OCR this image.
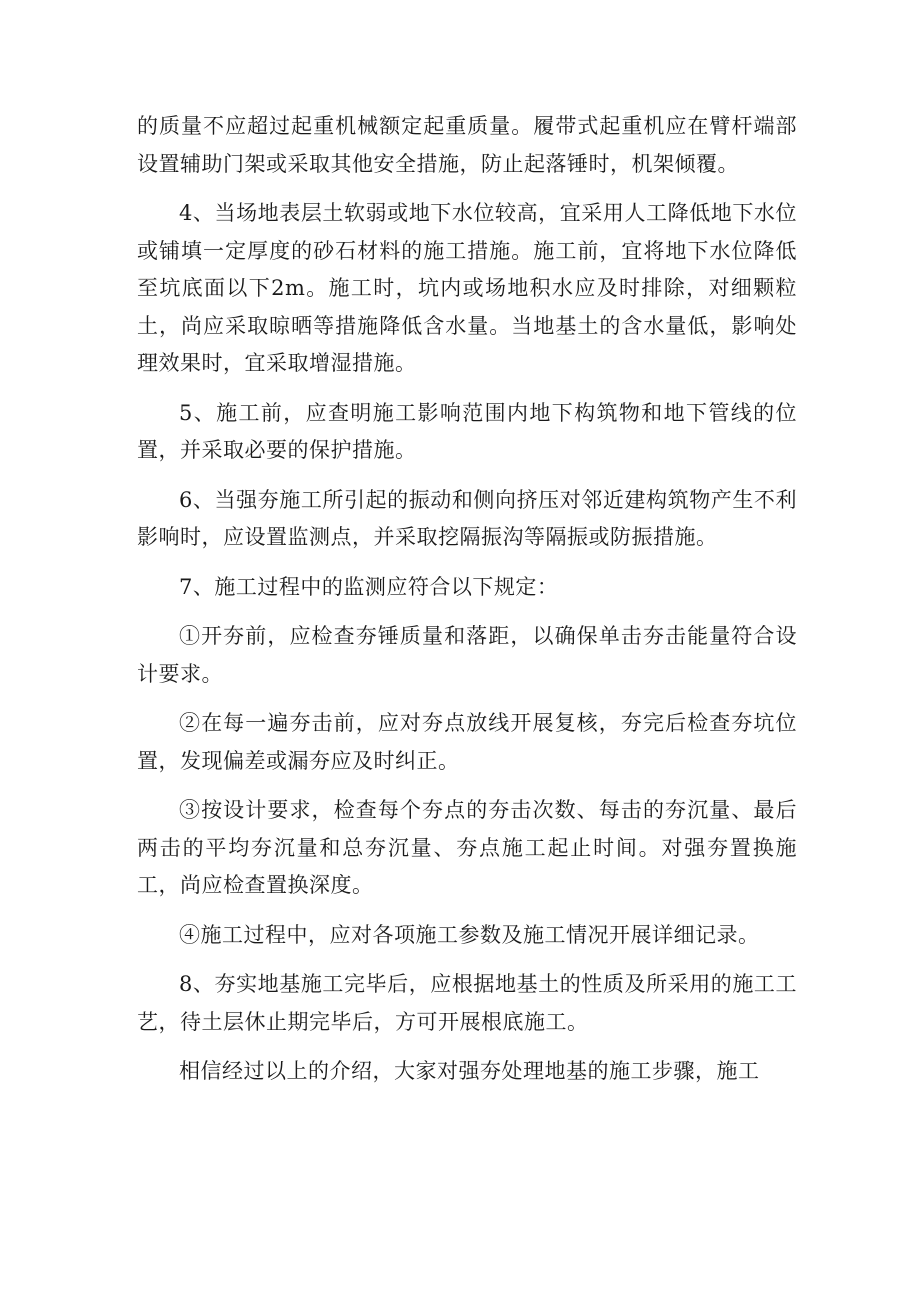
的质量不应超过起重机械额定起重质量。履带式起重机应在臂杆端部设置辅助门架或采取其他安全措施，防止起落锤时，机架倾覆。

4、当场地表层土软弱或地下水位较高，宜采用人工降低地下水位或铺填一定厚度的砂石材料的施工措施。施工前，宜将地下水位降低至坑底面以下2m。施工时，坑内或场地积水应及时排除，对细颗粒土，尚应采取晾晒等措施降低含水量。当地基土的含水量低，影响处理效果时，宜采取增湿措施。

5、施工前，应查明施工影响范围内地下构筑物和地下管线的位置，并采取必要的保护措施。

6、当强夯施工所引起的振动和侧向挤压对邻近建构筑物产生不利影响时，应设置监测点，并采取挖隔振沟等隔振或防振措施。

7、施工过程中的监测应符合以下规定：

①开夯前，应检查夯锤质量和落距，以确保单击夯击能量符合设计要求。

②在每一遍夯击前，应对夯点放线开展复核，夯完后检查夯坑位置，发现偏差或漏夯应及时纠正。

③按设计要求，检查每个夯点的夯击次数、每击的夯沉量、最后两击的平均夯沉量和总夯沉量、夯点施工起止时间。对强夯置换施工，尚应检查置换深度。

④施工过程中，应对各项施工参数及施工情况开展详细记录。

8、夯实地基施工完毕后，应根据地基土的性质及所采用的施工工艺，待土层休止期完毕后，方可开展根底施工。

相信经过以上的介绍，大家对强夯处理地基的施工步骤，施工
